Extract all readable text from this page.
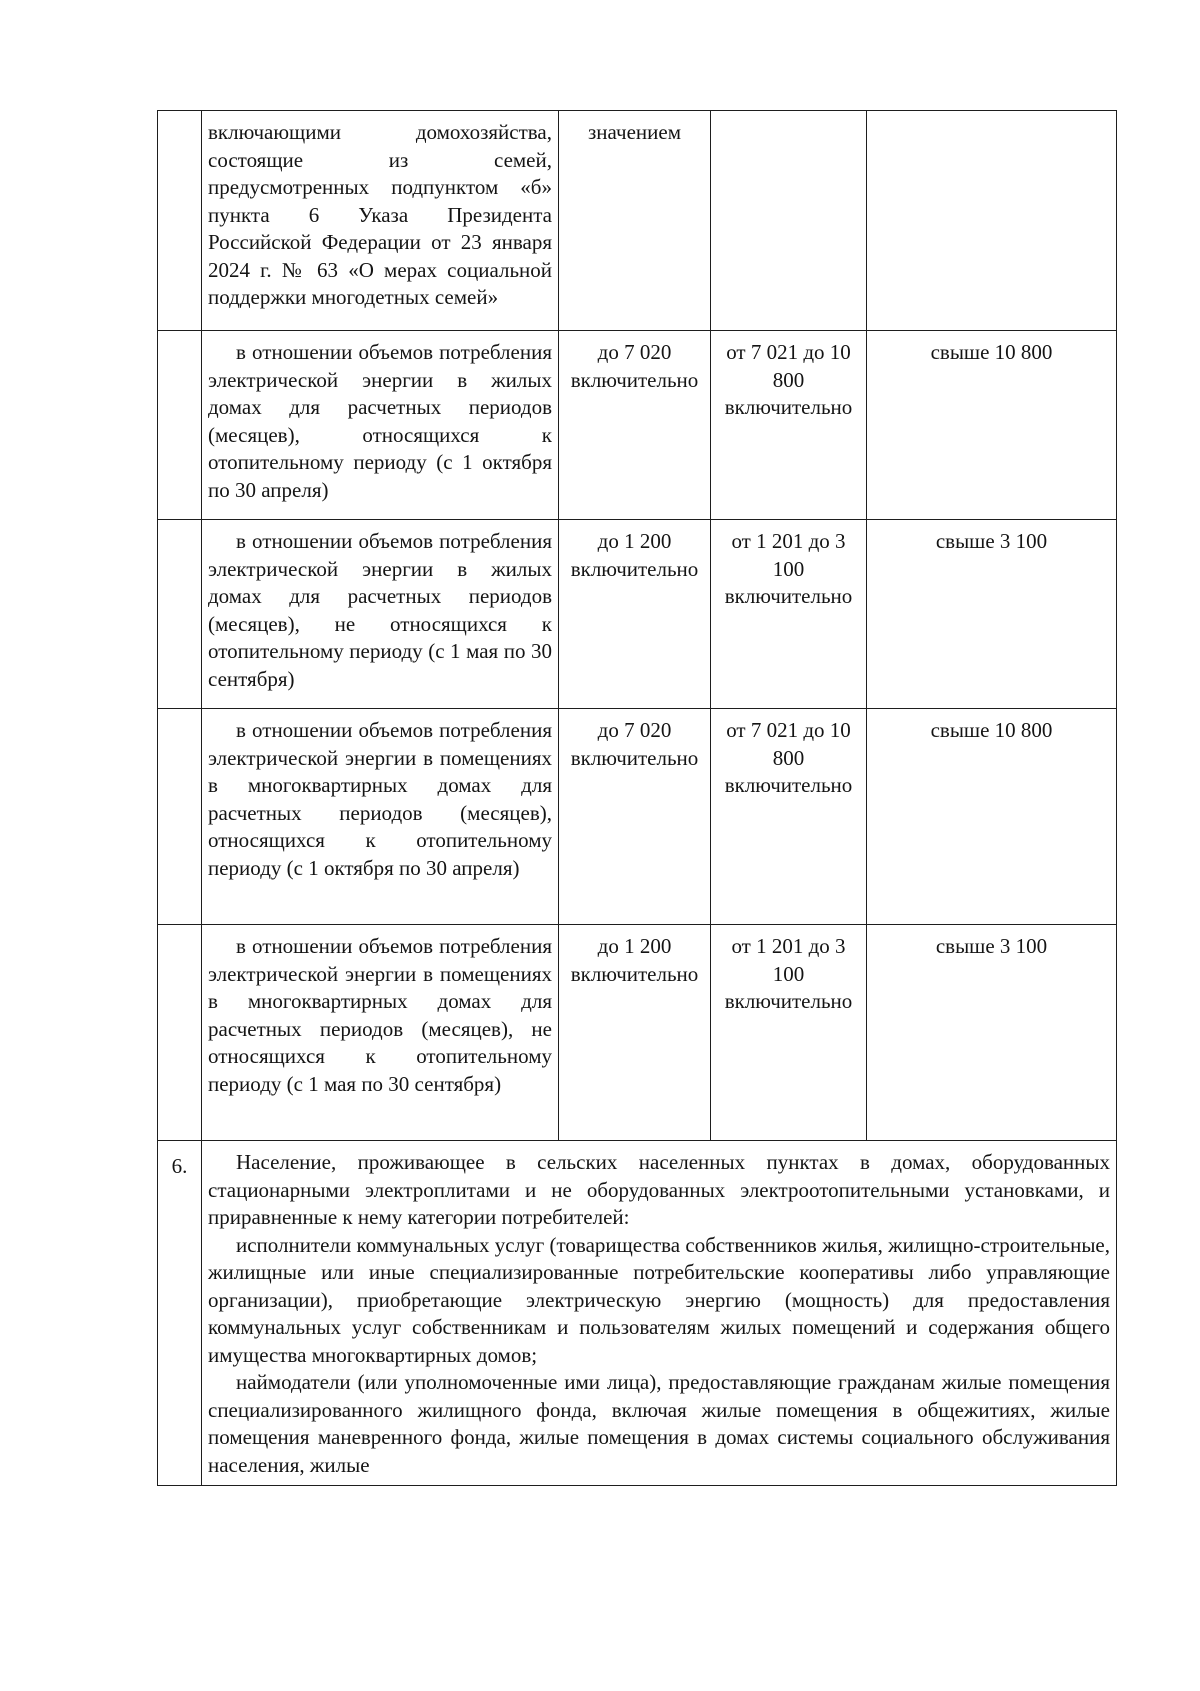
	включающими домохозяйства, состоящие из семей, предусмотренных подпунктом «б» пункта 6 Указа Президента Российской Федерации от 23 января 2024 г. № 63 «О мерах социальной поддержки многодетных семей»	значением		

	в отношении объемов потребления электрической энергии в жилых домах для расчетных периодов (месяцев), относящихся к отопительному периоду (с 1 октября по 30 апреля)	до 7 020 включительно	от 7 021 до 10 800 включительно	свыше 10 800

	в отношении объемов потребления электрической энергии в жилых домах для расчетных периодов (месяцев), не относящихся к отопительному периоду (с 1 мая по 30 сентября)	до 1 200 включительно	от 1 201 до 3 100 включительно	свыше 3 100

	в отношении объемов потребления электрической энергии в помещениях в многоквартирных домах для расчетных периодов (месяцев), относящихся к отопительному периоду (с 1 октября по 30 апреля)	до 7 020 включительно	от 7 021 до 10 800 включительно	свыше 10 800

	в отношении объемов потребления электрической энергии в помещениях в многоквартирных домах для расчетных периодов (месяцев), не относящихся к отопительному периоду (с 1 мая по 30 сентября)	до 1 200 включительно	от 1 201 до 3 100 включительно	свыше 3 100
6.	Население, проживающее в сельских населенных пунктах в домах, оборудованных стационарными электроплитами и не оборудованных электроотопительными установками, и приравненные к нему категории потребителей:
исполнители коммунальных услуг (товарищества собственников жилья, жилищно-строительные, жилищные или иные специализированные потребительские кооперативы либо управляющие организации), приобретающие электрическую энергию (мощность) для предоставления коммунальных услуг собственникам и пользователям жилых помещений и содержания общего имущества многоквартирных домов;
наймодатели (или уполномоченные ими лица), предоставляющие гражданам жилые помещения специализированного жилищного фонда, включая жилые помещения в общежитиях, жилые помещения маневренного фонда, жилые помещения в домах системы социального обслуживания населения, жилые			
